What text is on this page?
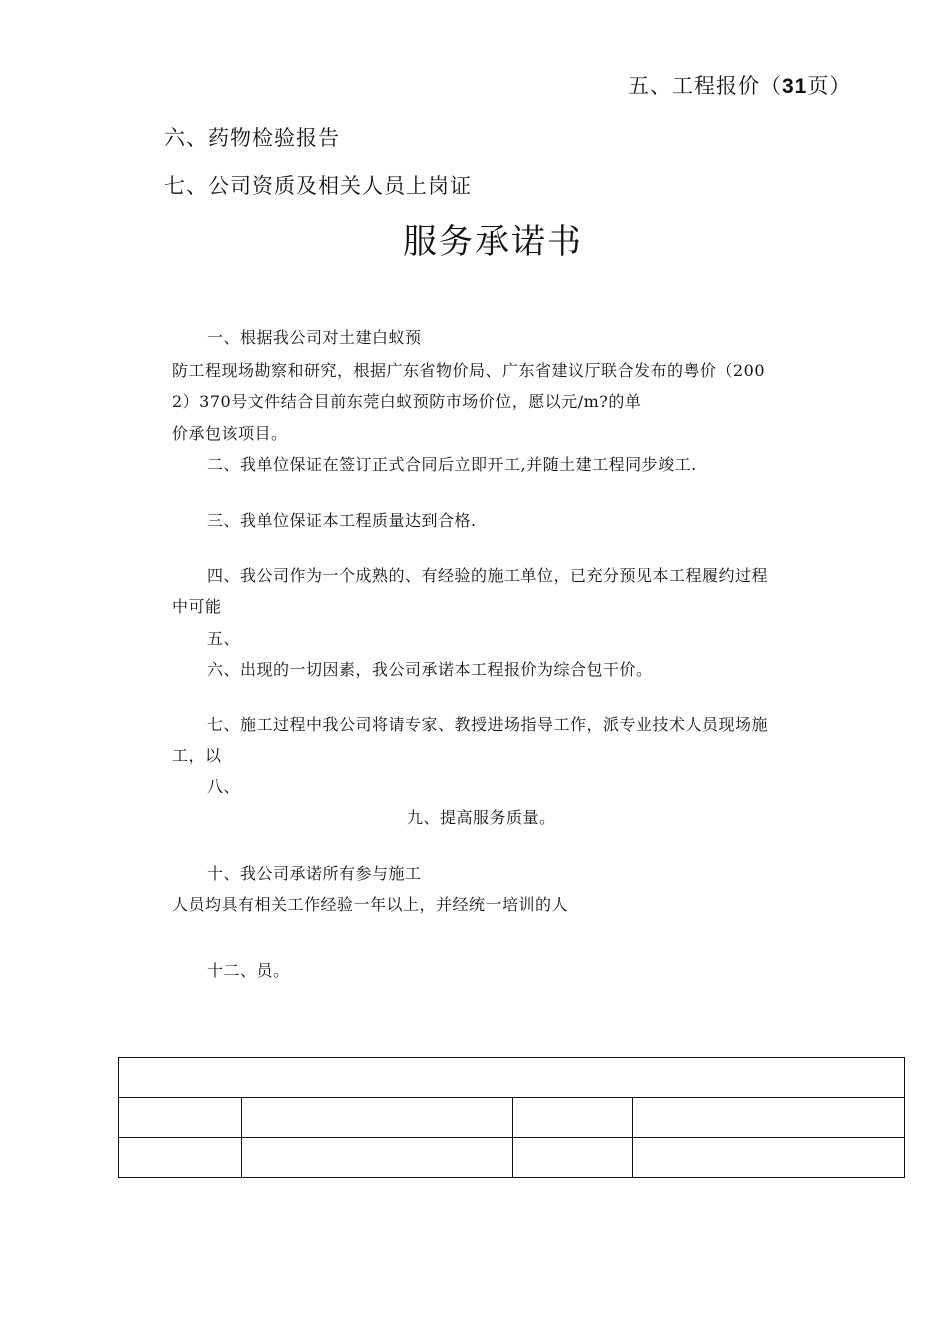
五、工程报价（31页）
六、药物检验报告
七、公司资质及相关人员上岗证
服务承诺书
一、根据我公司对土建白蚁预
防工程现场勘察和研究，根据广东省物价局、广东省建议厅联合发布的粤价（200
2）370号文件结合目前东莞白蚁预防市场价位，愿以元/m?的单
价承包该项目。
二、我单位保证在签订正式合同后立即开工,并随土建工程同步竣工.
三、我单位保证本工程质量达到合格.
四、我公司作为一个成熟的、有经验的施工单位，已充分预见本工程履约过程
中可能
五、
六、出现的一切因素，我公司承诺本工程报价为综合包干价。
七、施工过程中我公司将请专家、教授进场指导工作，派专业技术人员现场施
工，以
八、
九、提高服务质量。
十、我公司承诺所有参与施工
人员均具有相关工作经验一年以上，并经统一培训的人
十二、员。
